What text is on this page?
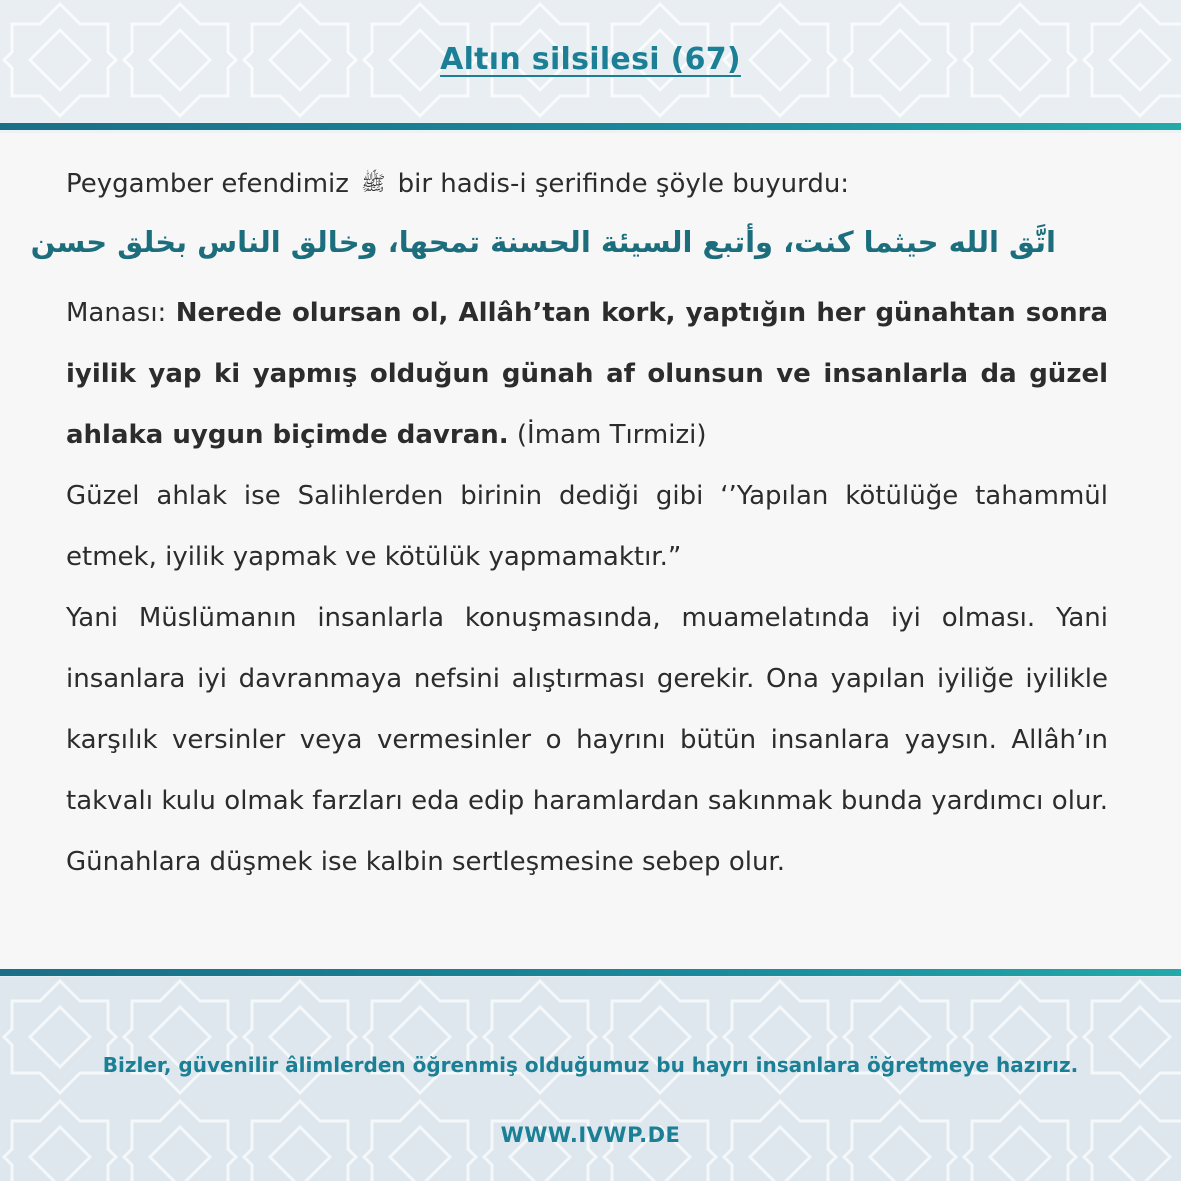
Altın silsilesi (67)
Peygamber efendimiz ﷺ bir hadis-i şerifinde şöyle buyurdu:
اتَّق الله حيثما كنت، وأتبع السيئة الحسنة تمحها، وخالق الناس بخلق حسن

Manası: Nerede olursan ol, Allâh’tan kork, yaptığın her günahtan sonra iyilik yap ki yapmış olduğun günah af olunsun ve insanlarla da güzel ahlaka uygun biçimde davran. (İmam Tırmizi)

Güzel ahlak ise Salihlerden birinin dediği gibi ‘’Yapılan kötülüğe tahammül etmek, iyilik yapmak ve kötülük yapmamaktır.”

Yani Müslümanın insanlarla konuşmasında, muamelatında iyi olması. Yani insanlara iyi davranmaya nefsini alıştırması gerekir. Ona yapılan iyiliğe iyilikle karşılık versinler veya vermesinler o hayrını bütün insanlara yaysın. Allâh’ın takvalı kulu olmak farzları eda edip haramlardan sakınmak bunda yardımcı olur. Günahlara düşmek ise kalbin sertleşmesine sebep olur.

Bizler, güvenilir âlimlerden öğrenmiş olduğumuz bu hayrı insanlara öğretmeye hazırız.
WWW.IVWP.DE
